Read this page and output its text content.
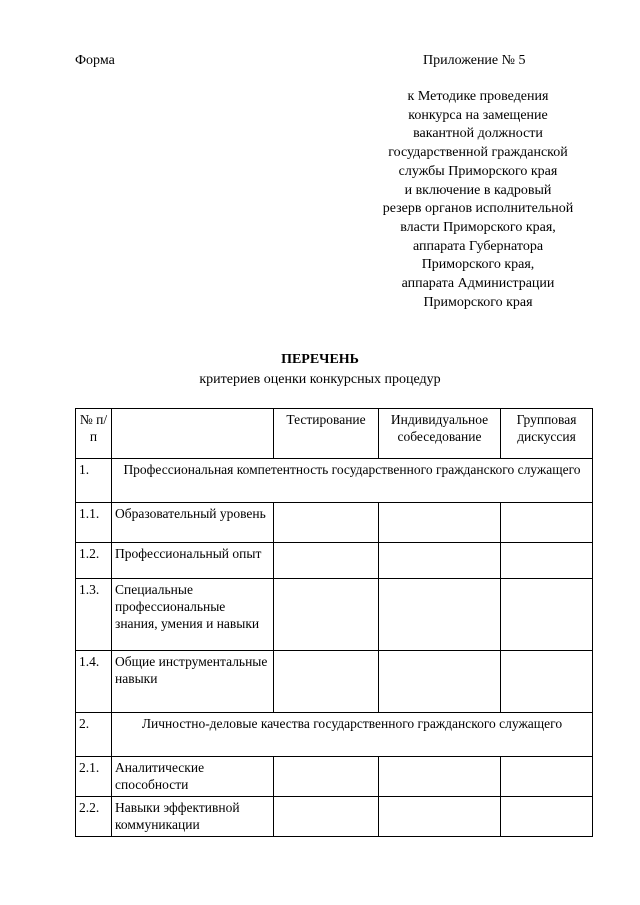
Форма	Приложение № 5
к Методике проведения
конкурса на замещение
вакантной должности
государственной гражданской
службы Приморского края
и включение в кадровый
резерв органов исполнительной
власти Приморского края,
аппарата Губернатора
Приморского края,
аппарата Администрации
Приморского края
ПЕРЕЧЕНЬ
критериев оценки конкурсных процедур
№ п/п		Тестирование	Индивидуальное собеседование	Групповая дискуссия
1.	Профессиональная компетентность государственного гражданского служащего			
1.1.	Образовательный уровень			
1.2.	Профессиональный опыт			
1.3.	Специальные профессиональные знания, умения и навыки			
1.4.	Общие инструментальные навыки			
2.	Личностно-деловые качества государственного гражданского служащего			
2.1.	Аналитические способности			
2.2.	Навыки эффективной коммуникации			
